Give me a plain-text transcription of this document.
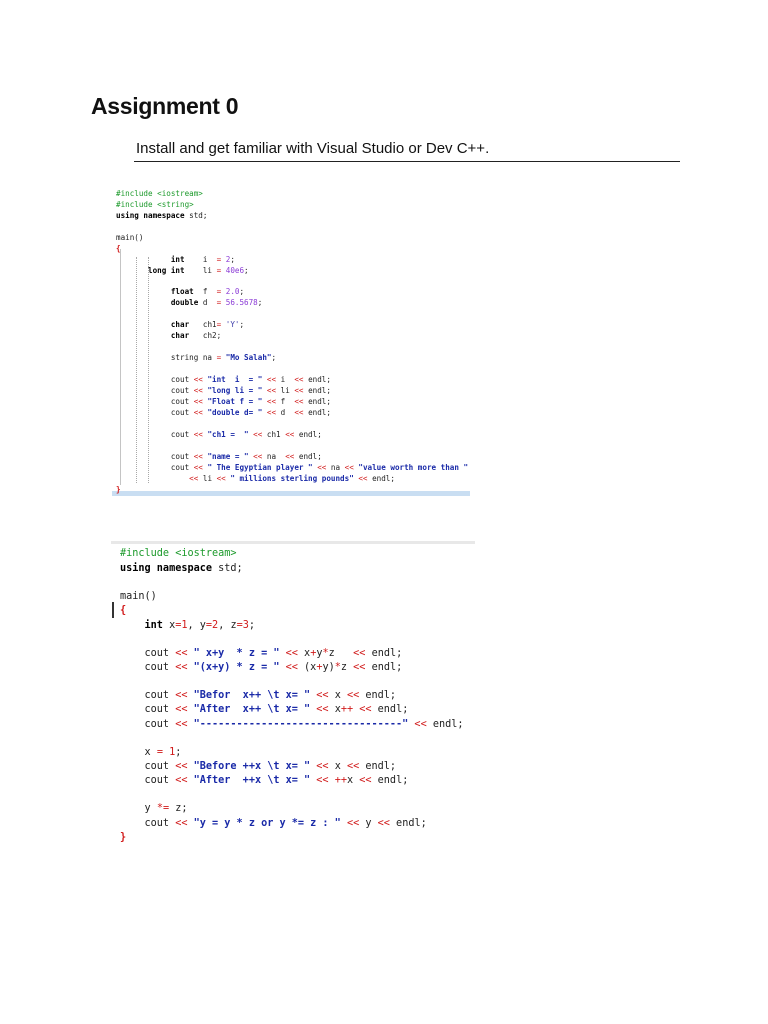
Assignment 0
Install and get familiar with Visual Studio or Dev C++.
#include <iostream>
#include <string>
using namespace std;
main()
{
int    i  = 2;
long int    li = 40e6;
float  f  = 2.0;
double d  = 56.5678;
char   ch1= 'Y';
char   ch2;
string na = "Mo Salah";
cout << "int  i  = " << i  << endl;
cout << "long li = " << li << endl;
cout << "Float f = " << f  << endl;
cout << "double d= " << d  << endl;
cout << "ch1 =  " << ch1 << endl;
cout << "name = " << na  << endl;
cout << " The Egyptian player " << na << "value worth more than "
<< li << " millions sterling pounds" << endl;
}
#include <iostream>
using namespace std;
main()
{
int x=1, y=2, z=3;
cout << " x+y  * z = " << x+y*z   << endl;
cout << "(x+y) * z = " << (x+y)*z << endl;
cout << "Befor  x++ \t x= " << x << endl;
cout << "After  x++ \t x= " << x++ << endl;
cout << "---------------------------------" << endl;
x = 1;
cout << "Before ++x \t x= " << x << endl;
cout << "After  ++x \t x= " << ++x << endl;
y *= z;
cout << "y = y * z or y *= z : " << y << endl;
}
